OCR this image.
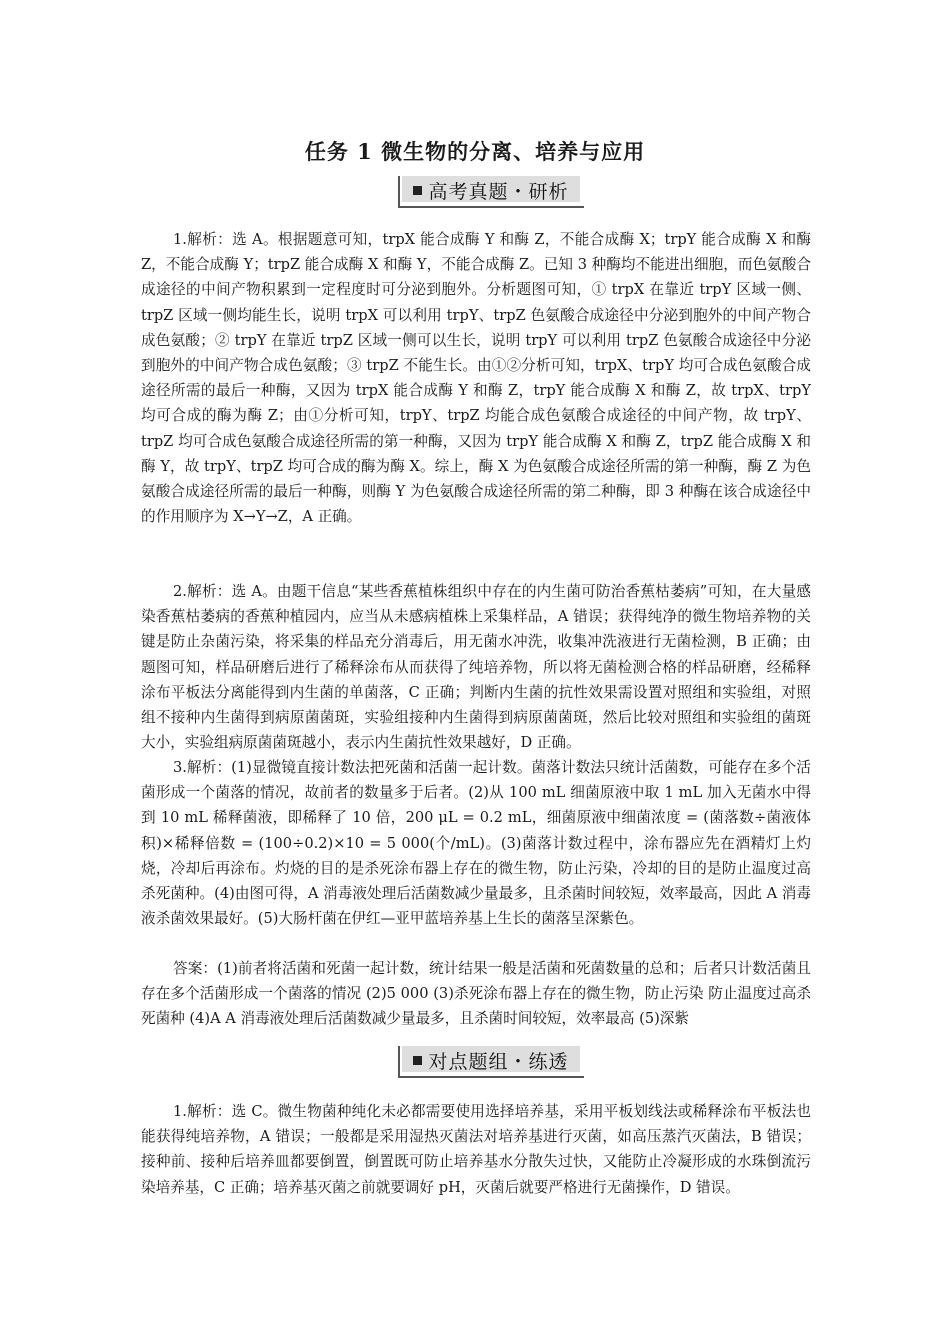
任务 1 微生物的分离、培养与应用
高考真题・研析

1.解析：选 A。根据题意可知，trpX 能合成酶 Y 和酶 Z，不能合成酶 X；trpY 能合成酶 X 和酶 Z，不能合成酶 Y；trpZ 能合成酶 X 和酶 Y，不能合成酶 Z。已知 3 种酶均不能进出细胞，而色氨酸合成途径的中间产物积累到一定程度时可分泌到胞外。分析题图可知，① trpX 在靠近 trpY 区域一侧、trpZ 区域一侧均能生长，说明 trpX 可以利用 trpY、trpZ 色氨酸合成途径中分泌到胞外的中间产物合成色氨酸；② trpY 在靠近 trpZ 区域一侧可以生长，说明 trpY 可以利用 trpZ 色氨酸合成途径中分泌到胞外的中间产物合成色氨酸；③ trpZ 不能生长。由①②分析可知，trpX、trpY 均可合成色氨酸合成途径所需的最后一种酶，又因为 trpX 能合成酶 Y 和酶 Z，trpY 能合成酶 X 和酶 Z，故 trpX、trpY 均可合成的酶为酶 Z；由①分析可知，trpY、trpZ 均能合成色氨酸合成途径的中间产物，故 trpY、trpZ 均可合成色氨酸合成途径所需的第一种酶，又因为 trpY 能合成酶 X 和酶 Z，trpZ 能合成酶 X 和酶 Y，故 trpY、trpZ 均可合成的酶为酶 X。综上，酶 X 为色氨酸合成途径所需的第一种酶，酶 Z 为色氨酸合成途径所需的最后一种酶，则酶 Y 为色氨酸合成途径所需的第二种酶，即 3 种酶在该合成途径中的作用顺序为 X→Y→Z，A 正确。

2.解析：选 A。由题干信息“某些香蕉植株组织中存在的内生菌可防治香蕉枯萎病”可知，在大量感染香蕉枯萎病的香蕉种植园内，应当从未感病植株上采集样品，A 错误；获得纯净的微生物培养物的关键是防止杂菌污染，将采集的样品充分消毒后，用无菌水冲洗，收集冲洗液进行无菌检测，B 正确；由题图可知，样品研磨后进行了稀释涂布从而获得了纯培养物，所以将无菌检测合格的样品研磨，经稀释涂布平板法分离能得到内生菌的单菌落，C 正确；判断内生菌的抗性效果需设置对照组和实验组，对照组不接种内生菌得到病原菌菌斑，实验组接种内生菌得到病原菌菌斑，然后比较对照组和实验组的菌斑大小，实验组病原菌菌斑越小，表示内生菌抗性效果越好，D 正确。

3.解析：(1)显微镜直接计数法把死菌和活菌一起计数。菌落计数法只统计活菌数，可能存在多个活菌形成一个菌落的情况，故前者的数量多于后者。(2)从 100 mL 细菌原液中取 1 mL 加入无菌水中得到 10 mL 稀释菌液，即稀释了 10 倍，200 μL = 0.2 mL，细菌原液中细菌浓度 = (菌落数÷菌液体积)×稀释倍数 = (100÷0.2)×10 = 5 000(个/mL)。(3)菌落计数过程中，涂布器应先在酒精灯上灼烧，冷却后再涂布。灼烧的目的是杀死涂布器上存在的微生物，防止污染，冷却的目的是防止温度过高杀死菌种。(4)由图可得，A 消毒液处理后活菌数减少量最多，且杀菌时间较短，效率最高，因此 A 消毒液杀菌效果最好。(5)大肠杆菌在伊红—亚甲蓝培养基上生长的菌落呈深紫色。

答案：(1)前者将活菌和死菌一起计数，统计结果一般是活菌和死菌数量的总和；后者只计数活菌且存在多个活菌形成一个菌落的情况 (2)5 000 (3)杀死涂布器上存在的微生物，防止污染 防止温度过高杀死菌种 (4)A A 消毒液处理后活菌数减少量最多，且杀菌时间较短，效率最高 (5)深紫

对点题组・练透

1.解析：选 C。微生物菌种纯化未必都需要使用选择培养基，采用平板划线法或稀释涂布平板法也能获得纯培养物，A 错误；一般都是采用湿热灭菌法对培养基进行灭菌，如高压蒸汽灭菌法，B 错误；接种前、接种后培养皿都要倒置，倒置既可防止培养基水分散失过快，又能防止冷凝形成的水珠倒流污染培养基，C 正确；培养基灭菌之前就要调好 pH，灭菌后就要严格进行无菌操作，D 错误。
